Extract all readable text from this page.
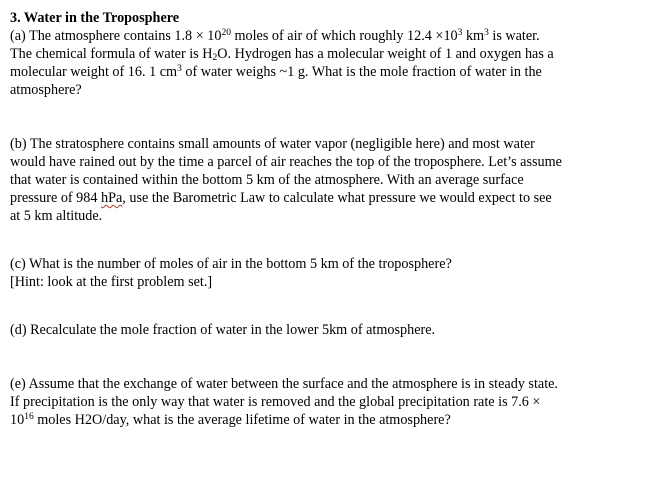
3. Water in the Troposphere
(a) The atmosphere contains $1.8 \times 10^{20}$ moles of air of which roughly $12.4 \times 10^3$ $km^3$ is water.
The chemical formula of water is $H_2O$. Hydrogen has a molecular weight of 1 and oxygen has a
molecular weight of 16. 1 $cm^3$ of water weighs ~1 g. What is the mole fraction of water in the
atmosphere?
(b) The stratosphere contains small amounts of water vapor (negligible here) and most water
would have rained out by the time a parcel of air reaches the top of the troposphere. Let’s assume
that water is contained within the bottom 5 km of the atmosphere. With an average surface
pressure of 984 hPa, use the Barometric Law to calculate what pressure we would expect to see
at 5 km altitude.
(c) What is the number of moles of air in the bottom 5 km of the troposphere?
[Hint: look at the first problem set.]
(d) Recalculate the mole fraction of water in the lower 5km of atmosphere.
(e) Assume that the exchange of water between the surface and the atmosphere is in steady state.
If precipitation is the only way that water is removed and the global precipitation rate is 7.6 ×
$10^{16}$ moles H2O/day, what is the average lifetime of water in the atmosphere?
